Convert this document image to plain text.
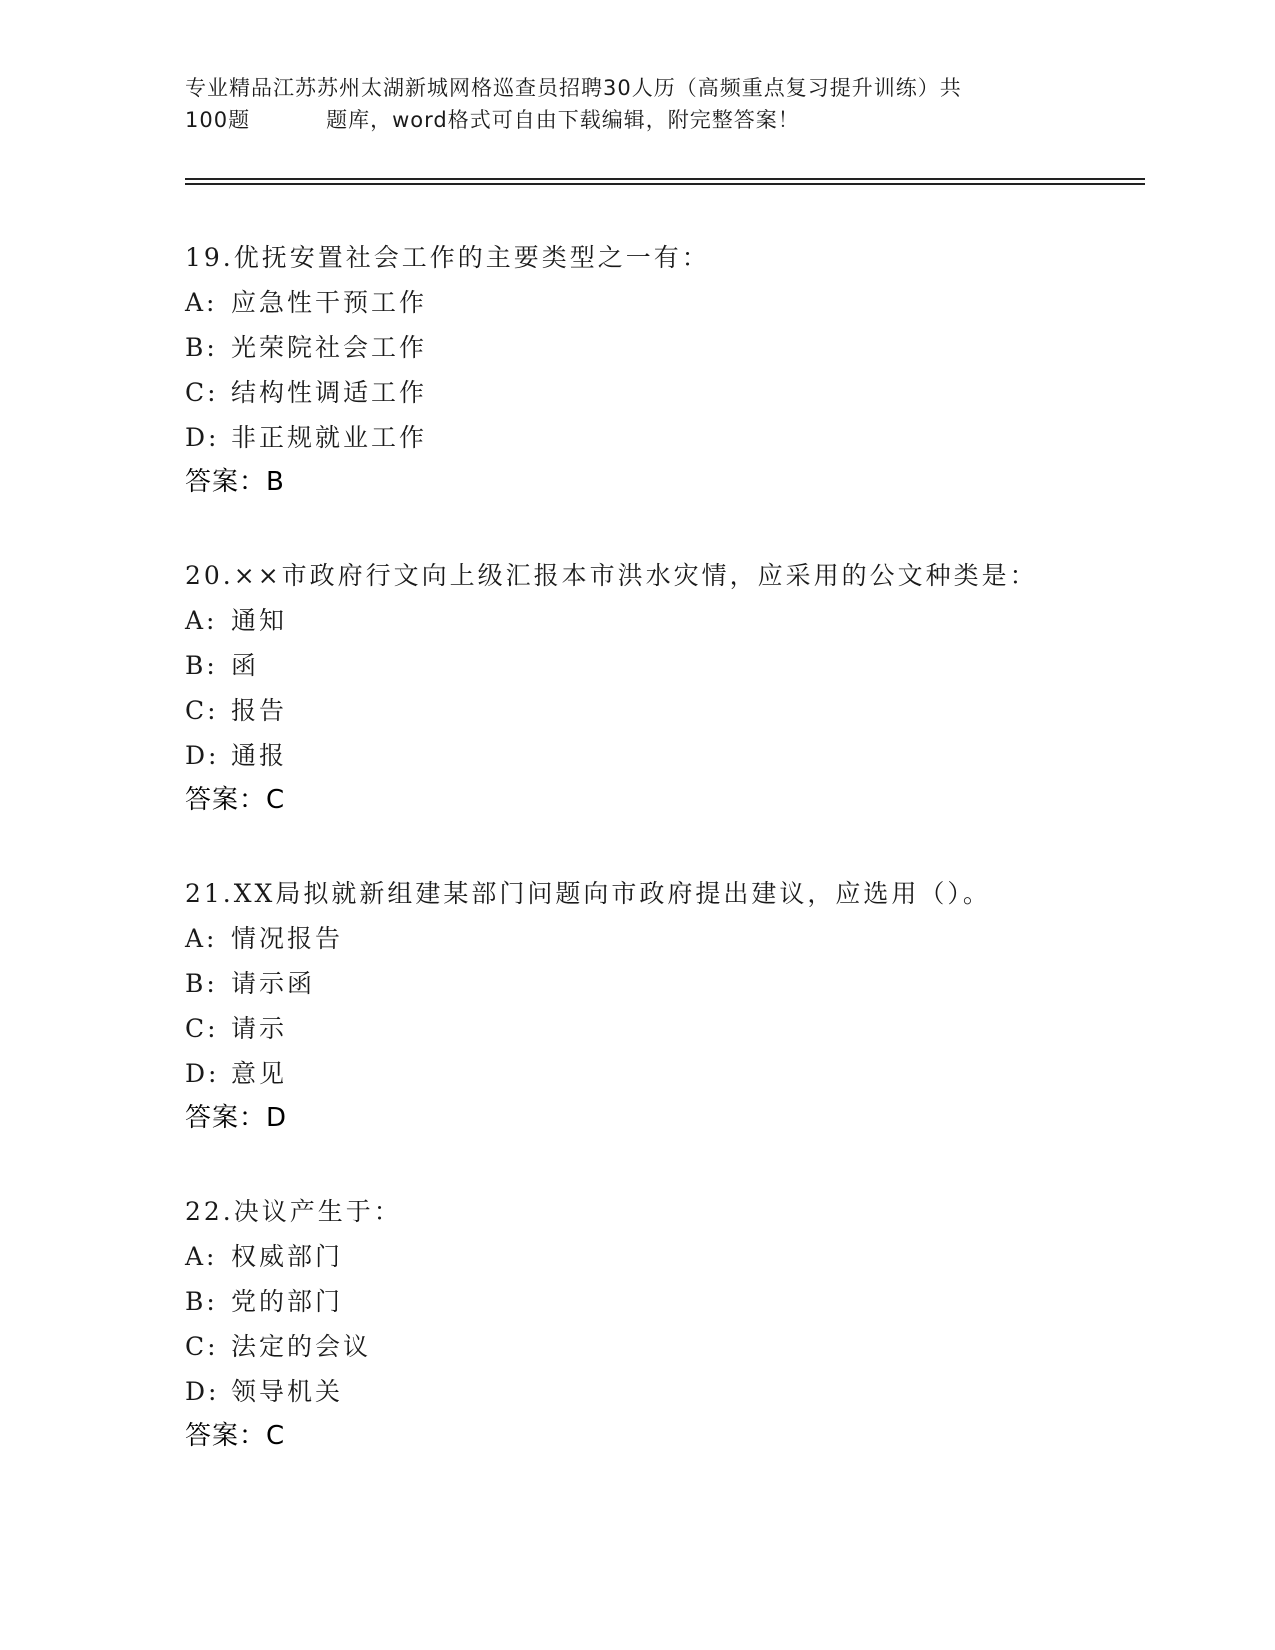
专业精品江苏苏州太湖新城网格巡查员招聘30人历（高频重点复习提升训练）共
100题	题库，word格式可自由下载编辑，附完整答案！
19.优抚安置社会工作的主要类型之一有：
A: 应急性干预工作
B: 光荣院社会工作
C: 结构性调适工作
D: 非正规就业工作
答案：B
20.××市政府行文向上级汇报本市洪水灾情，应采用的公文种类是：
A: 通知
B: 函
C: 报告
D: 通报
答案：C
21.XX局拟就新组建某部门问题向市政府提出建议，应选用（）。
A: 情况报告
B: 请示函
C: 请示
D: 意见
答案：D
22.决议产生于：
A: 权威部门
B: 党的部门
C: 法定的会议
D: 领导机关
答案：C
